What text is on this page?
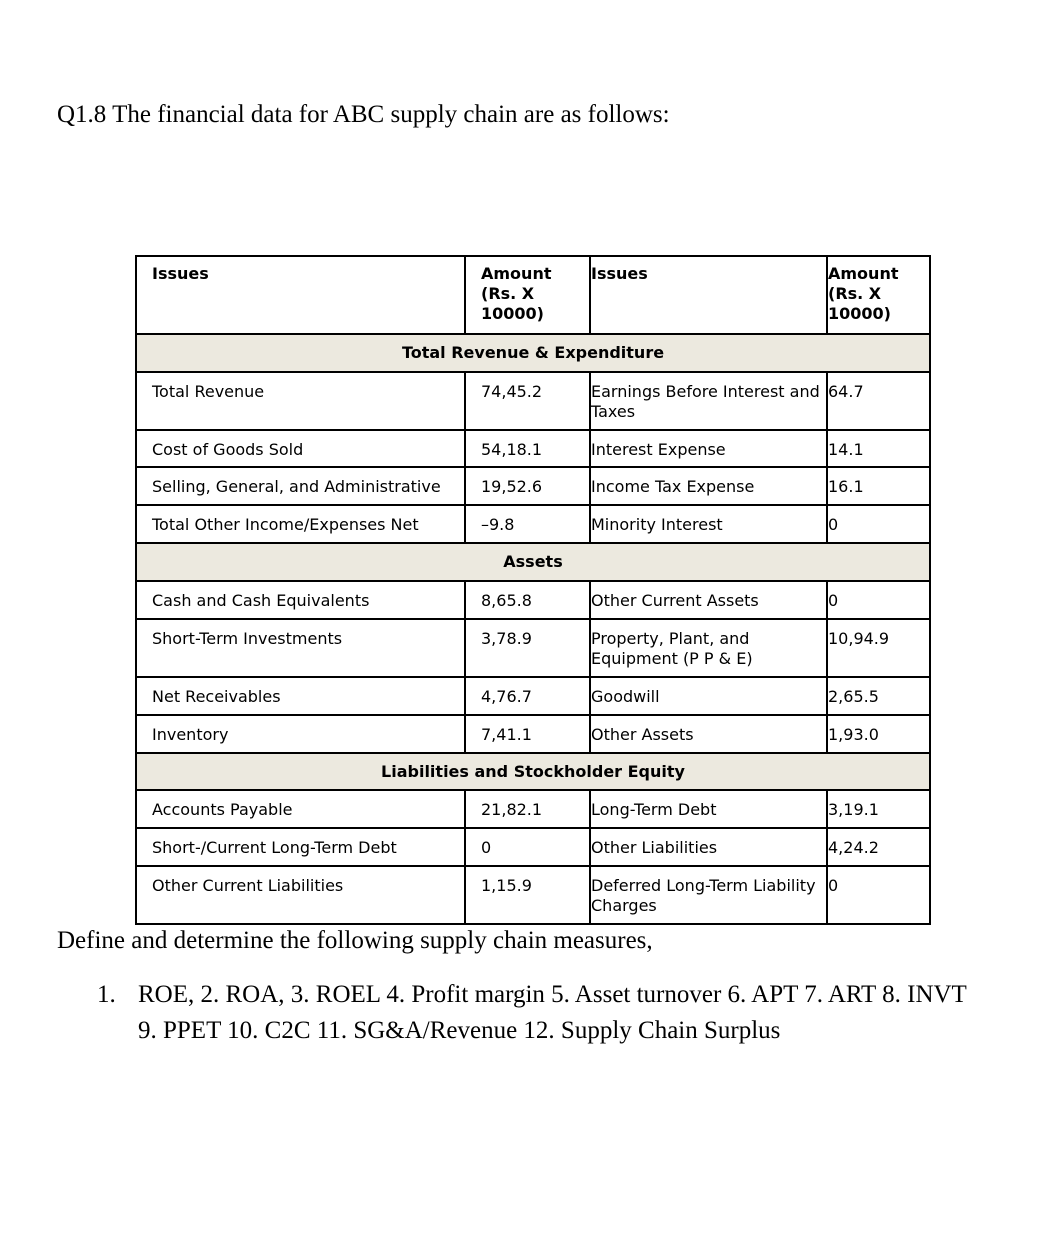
Q1.8 The financial data for ABC supply chain are as follows:
Issues	Amount (Rs. X 10000)	Issues	Amount (Rs. X 10000)
Total Revenue & Expenditure			
Total Revenue	74,45.2	Earnings Before Interest and Taxes	64.7
Cost of Goods Sold	54,18.1	Interest Expense	14.1
Selling, General, and Administrative	19,52.6	Income Tax Expense	16.1
Total Other Income/Expenses Net	–9.8	Minority Interest	0
Assets			
Cash and Cash Equivalents	8,65.8	Other Current Assets	0
Short-Term Investments	3,78.9	Property, Plant, and Equipment (P P & E)	10,94.9
Net Receivables	4,76.7	Goodwill	2,65.5
Inventory	7,41.1	Other Assets	1,93.0
Liabilities and Stockholder Equity			
Accounts Payable	21,82.1	Long-Term Debt	3,19.1
Short-/Current Long-Term Debt	0	Other Liabilities	4,24.2
Other Current Liabilities	1,15.9	Deferred Long-Term Liability Charges	0
Define and determine the following supply chain measures,
1. ROE, 2. ROA, 3. ROEL 4. Profit margin 5. Asset turnover 6. APT 7. ART 8. INVT 9. PPET 10. C2C 11. SG&A/Revenue 12. Supply Chain Surplus
